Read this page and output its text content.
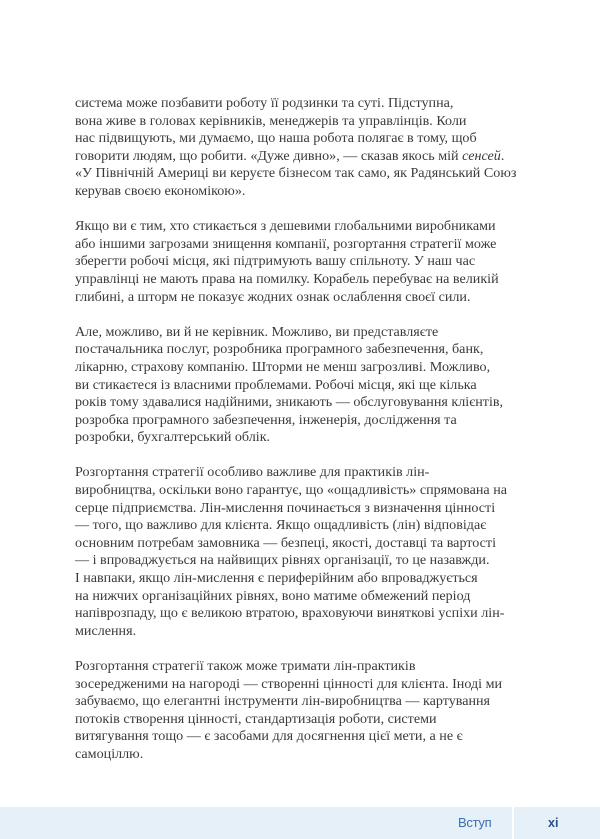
система може позбавити роботу її родзинки та суті. Підступна,
вона живе в головах керівників, менеджерів та управлінців. Коли
нас підвищують, ми думаємо, що наша робота полягає в тому, щоб
говорити людям, що робити. «Дуже дивно», — сказав якось мій сенсей.
«У Північній Америці ви керуєте бізнесом так само, як Радянський Союз
керував своєю економікою».

Якщо ви є тим, хто стикається з дешевими глобальними виробниками
або іншими загрозами знищення компанії, розгортання стратегії може
зберегти робочі місця, які підтримують вашу спільноту. У наш час
управлінці не мають права на помилку. Корабель перебуває на великій
глибині, а шторм не показує жодних ознак ослаблення своєї сили.

Але, можливо, ви й не керівник. Можливо, ви представляєте
постачальника послуг, розробника програмного забезпечення, банк,
лікарню, страхову компанію. Шторми не менш загрозливі. Можливо,
ви стикаєтеся із власними проблемами. Робочі місця, які ще кілька
років тому здавалися надійними, зникають — обслуговування клієнтів,
розробка програмного забезпечення, інженерія, дослідження та
розробки, бухгалтерський облік.

Розгортання стратегії особливо важливе для практиків лін-
виробництва, оскільки воно гарантує, що «ощадливість» спрямована на
серце підприємства. Лін-мислення починається з визначення цінності
— того, що важливо для клієнта. Якщо ощадливість (лін) відповідає
основним потребам замовника — безпеці, якості, доставці та вартості
— і впроваджується на найвищих рівнях організації, то це назавжди.
І навпаки, якщо лін-мислення є периферійним або впроваджується
на нижчих організаційних рівнях, воно матиме обмежений період
напіврозпаду, що є великою втратою, враховуючи виняткові успіхи лін-
мислення.

Розгортання стратегії також може тримати лін-практиків
зосередженими на нагороді — створенні цінності для клієнта. Іноді ми
забуваємо, що елегантні інструменти лін-виробництва — картування
потоків створення цінності, стандартизація роботи, системи
витягування тощо — є засобами для досягнення цієї мети, а не є
самоціллю.

Вступ	xi
